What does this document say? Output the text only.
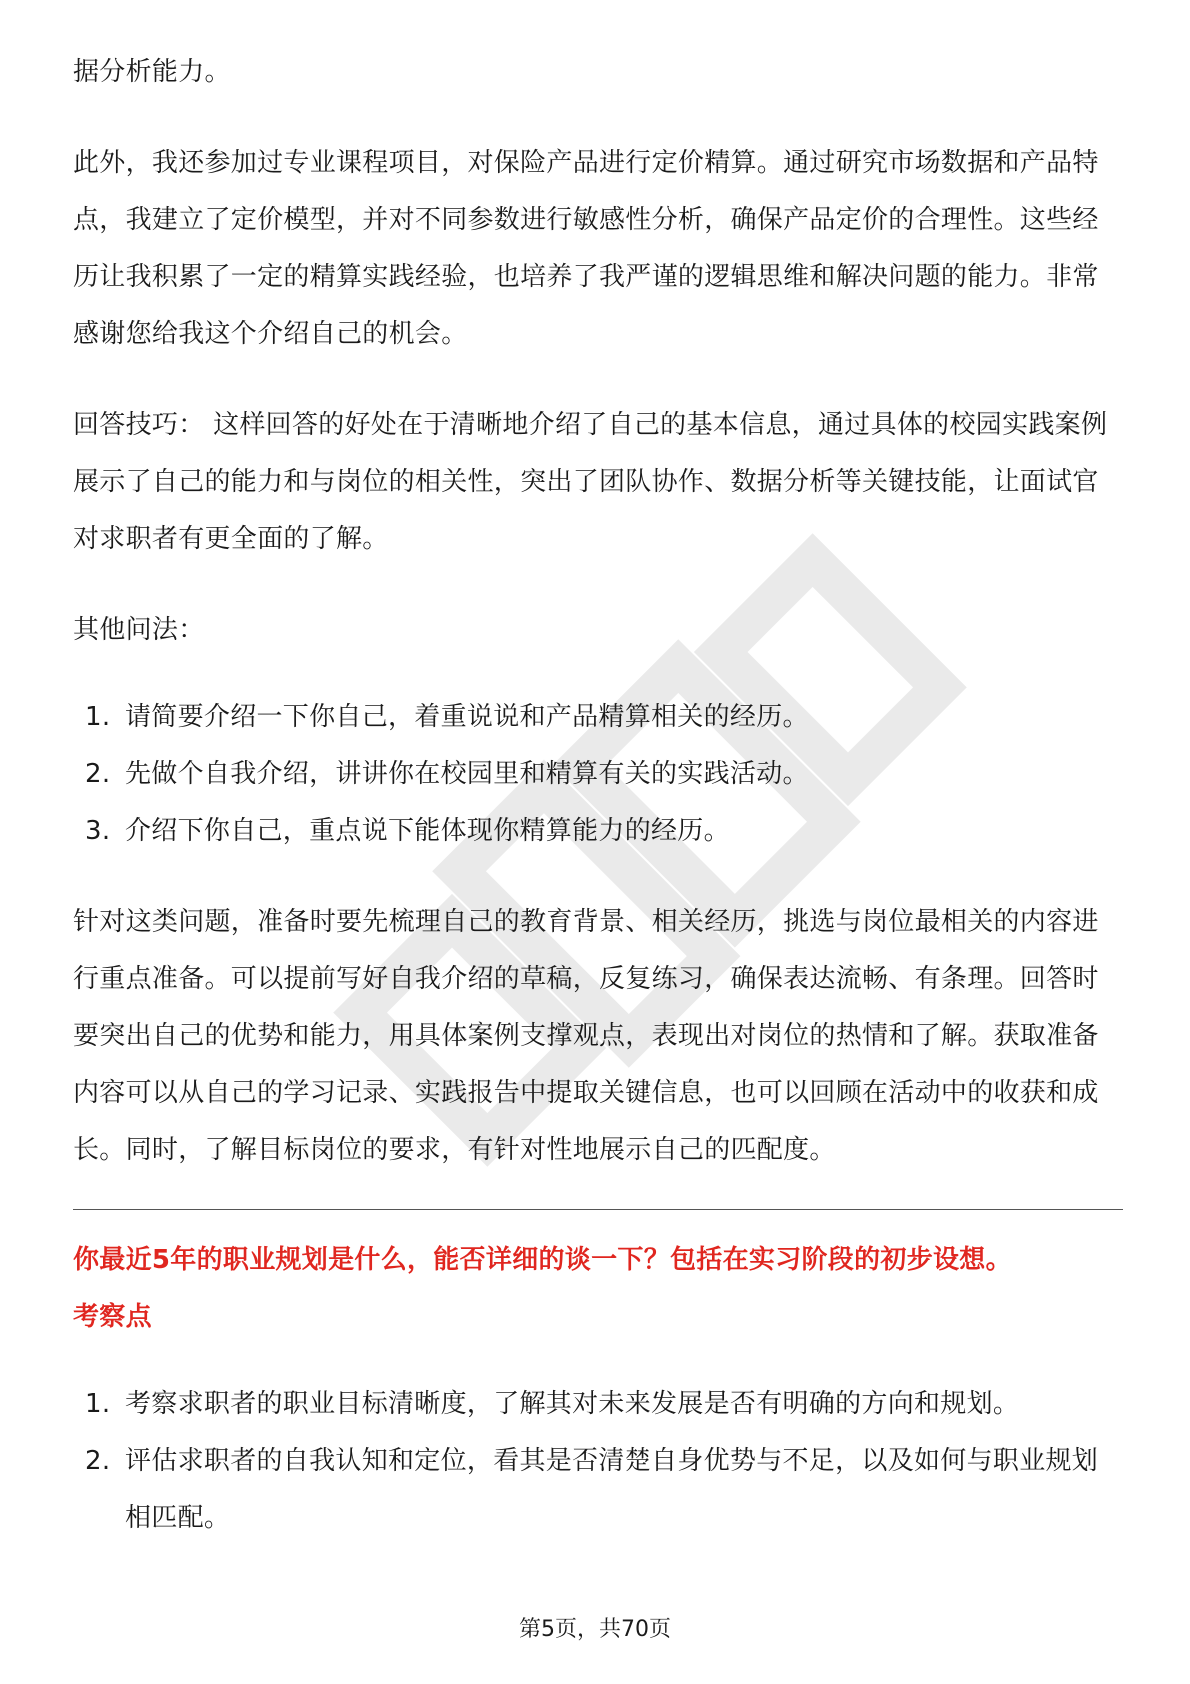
据分析能力。

此外，我还参加过专业课程项目，对保险产品进行定价精算。通过研究市场数据和产品特点，我建立了定价模型，并对不同参数进行敏感性分析，确保产品定价的合理性。这些经历让我积累了一定的精算实践经验，也培养了我严谨的逻辑思维和解决问题的能力。非常感谢您给我这个介绍自己的机会。

回答技巧： 这样回答的好处在于清晰地介绍了自己的基本信息，通过具体的校园实践案例展示了自己的能力和与岗位的相关性，突出了团队协作、数据分析等关键技能，让面试官对求职者有更全面的了解。

其他问法：

1. 请简要介绍一下你自己，着重说说和产品精算相关的经历。
2. 先做个自我介绍，讲讲你在校园里和精算有关的实践活动。
3. 介绍下你自己，重点说下能体现你精算能力的经历。

针对这类问题，准备时要先梳理自己的教育背景、相关经历，挑选与岗位最相关的内容进行重点准备。可以提前写好自我介绍的草稿，反复练习，确保表达流畅、有条理。回答时要突出自己的优势和能力，用具体案例支撑观点，表现出对岗位的热情和了解。获取准备内容可以从自己的学习记录、实践报告中提取关键信息，也可以回顾在活动中的收获和成长。同时，了解目标岗位的要求，有针对性地展示自己的匹配度。

你最近5年的职业规划是什么，能否详细的谈一下？包括在实习阶段的初步设想。

考察点

1. 考察求职者的职业目标清晰度，了解其对未来发展是否有明确的方向和规划。
2. 评估求职者的自我认知和定位，看其是否清楚自身优势与不足，以及如何与职业规划相匹配。
第5页，共70页
